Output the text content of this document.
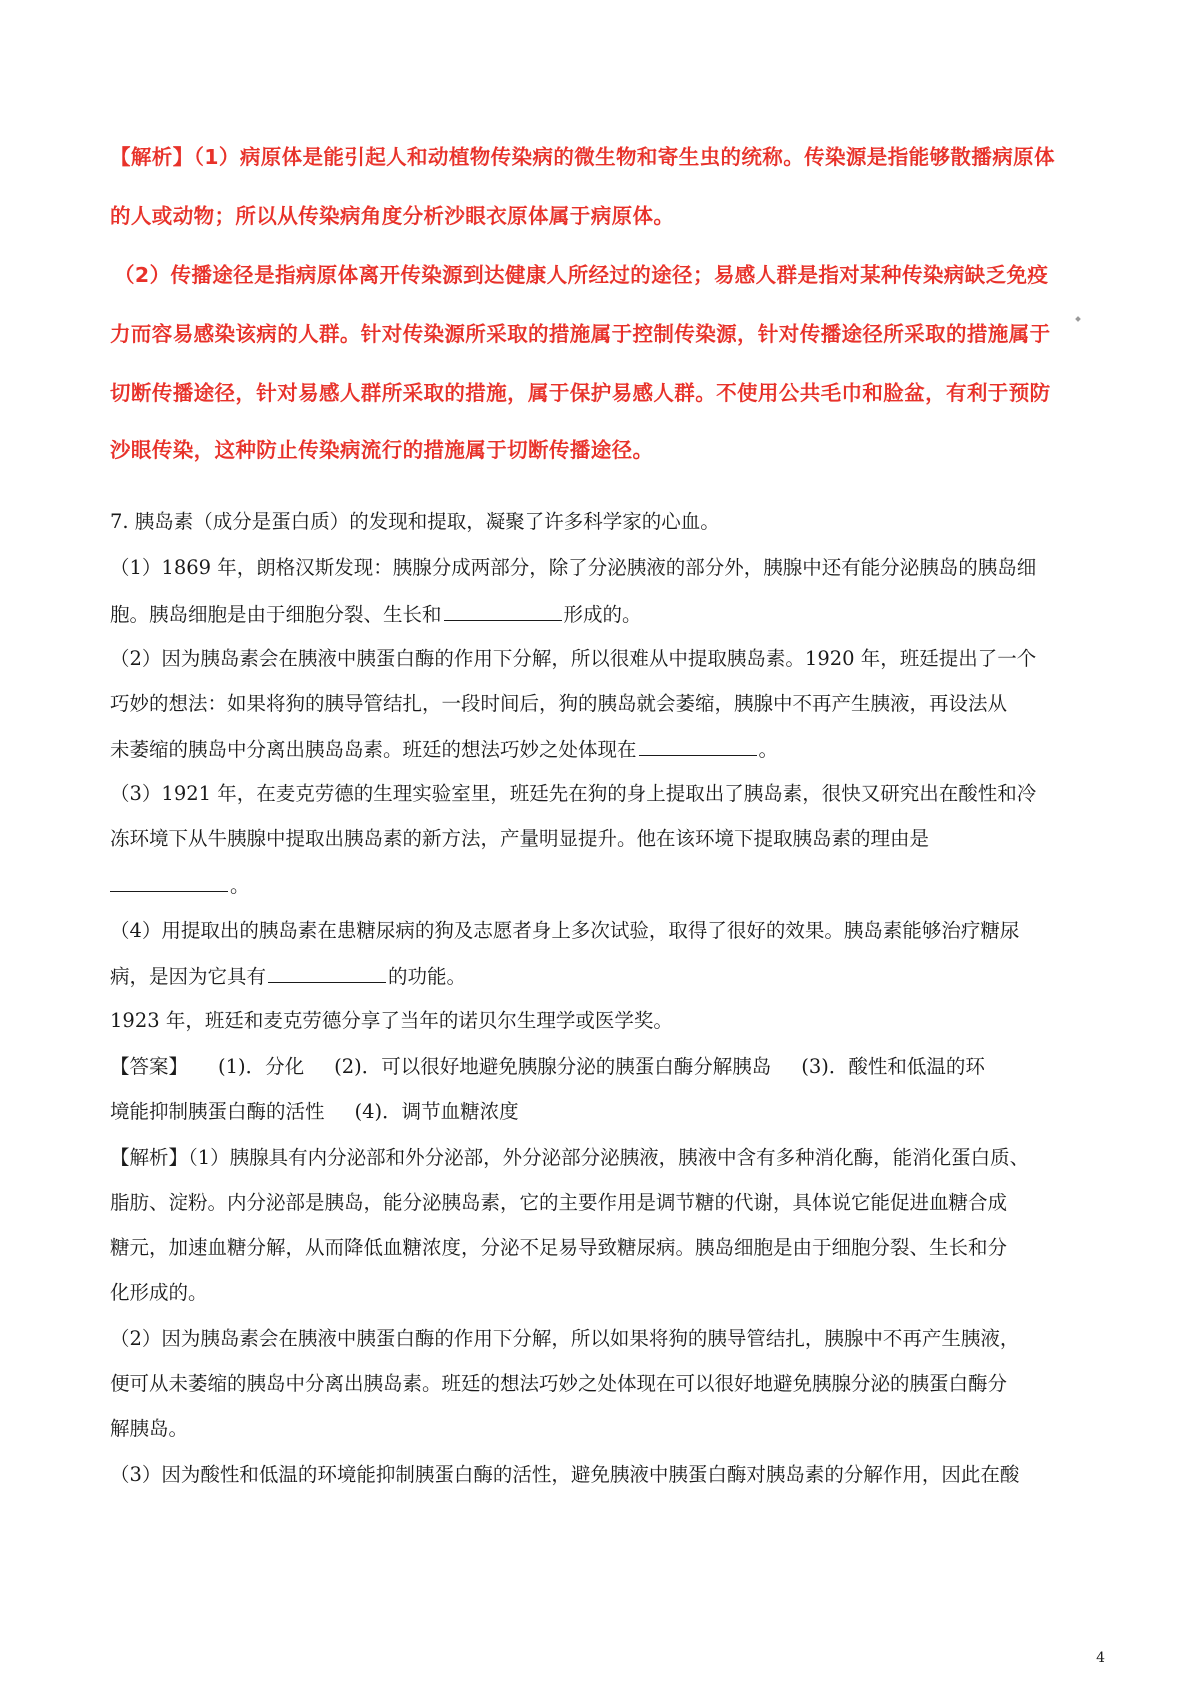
【解析】（1）病原体是能引起人和动植物传染病的微生物和寄生虫的统称。传染源是指能够散播病原体
的人或动物；所以从传染病角度分析沙眼衣原体属于病原体。
（2）传播途径是指病原体离开传染源到达健康人所经过的途径；易感人群是指对某种传染病缺乏免疫
力而容易感染该病的人群。针对传染源所采取的措施属于控制传染源，针对传播途径所采取的措施属于
切断传播途径，针对易感人群所采取的措施，属于保护易感人群。不使用公共毛巾和脸盆，有利于预防
沙眼传染，这种防止传染病流行的措施属于切断传播途径。
7. 胰岛素（成分是蛋白质）的发现和提取，凝聚了许多科学家的心血。
（1）1869 年，朗格汉斯发现：胰腺分成两部分，除了分泌胰液的部分外，胰腺中还有能分泌胰岛的胰岛细
胞。胰岛细胞是由于细胞分裂、生长和	形成的。
（2）因为胰岛素会在胰液中胰蛋白酶的作用下分解，所以很难从中提取胰岛素。1920 年，班廷提出了一个
巧妙的想法：如果将狗的胰导管结扎，一段时间后，狗的胰岛就会萎缩，胰腺中不再产生胰液，再设法从
未萎缩的胰岛中分离出胰岛岛素。班廷的想法巧妙之处体现在	。
（3）1921 年，在麦克劳德的生理实验室里，班廷先在狗的身上提取出了胰岛素，很快又研究出在酸性和冷
冻环境下从牛胰腺中提取出胰岛素的新方法，产量明显提升。他在该环境下提取胰岛素的理由是
。
（4）用提取出的胰岛素在患糖尿病的狗及志愿者身上多次试验，取得了很好的效果。胰岛素能够治疗糖尿
病，是因为它具有	的功能。
1923 年，班廷和麦克劳德分享了当年的诺贝尔生理学或医学奖。
【答案】 (1)．分化 (2)．可以很好地避免胰腺分泌的胰蛋白酶分解胰岛 (3)．酸性和低温的环
境能抑制胰蛋白酶的活性 (4)．调节血糖浓度
【解析】（1）胰腺具有内分泌部和外分泌部，外分泌部分泌胰液，胰液中含有多种消化酶，能消化蛋白质、
脂肪、淀粉。内分泌部是胰岛，能分泌胰岛素，它的主要作用是调节糖的代谢，具体说它能促进血糖合成
糖元，加速血糖分解，从而降低血糖浓度，分泌不足易导致糖尿病。胰岛细胞是由于细胞分裂、生长和分
化形成的。
（2）因为胰岛素会在胰液中胰蛋白酶的作用下分解，所以如果将狗的胰导管结扎，胰腺中不再产生胰液，
便可从未萎缩的胰岛中分离出胰岛素。班廷的想法巧妙之处体现在可以很好地避免胰腺分泌的胰蛋白酶分
解胰岛。
（3）因为酸性和低温的环境能抑制胰蛋白酶的活性，避免胰液中胰蛋白酶对胰岛素的分解作用，因此在酸
4
